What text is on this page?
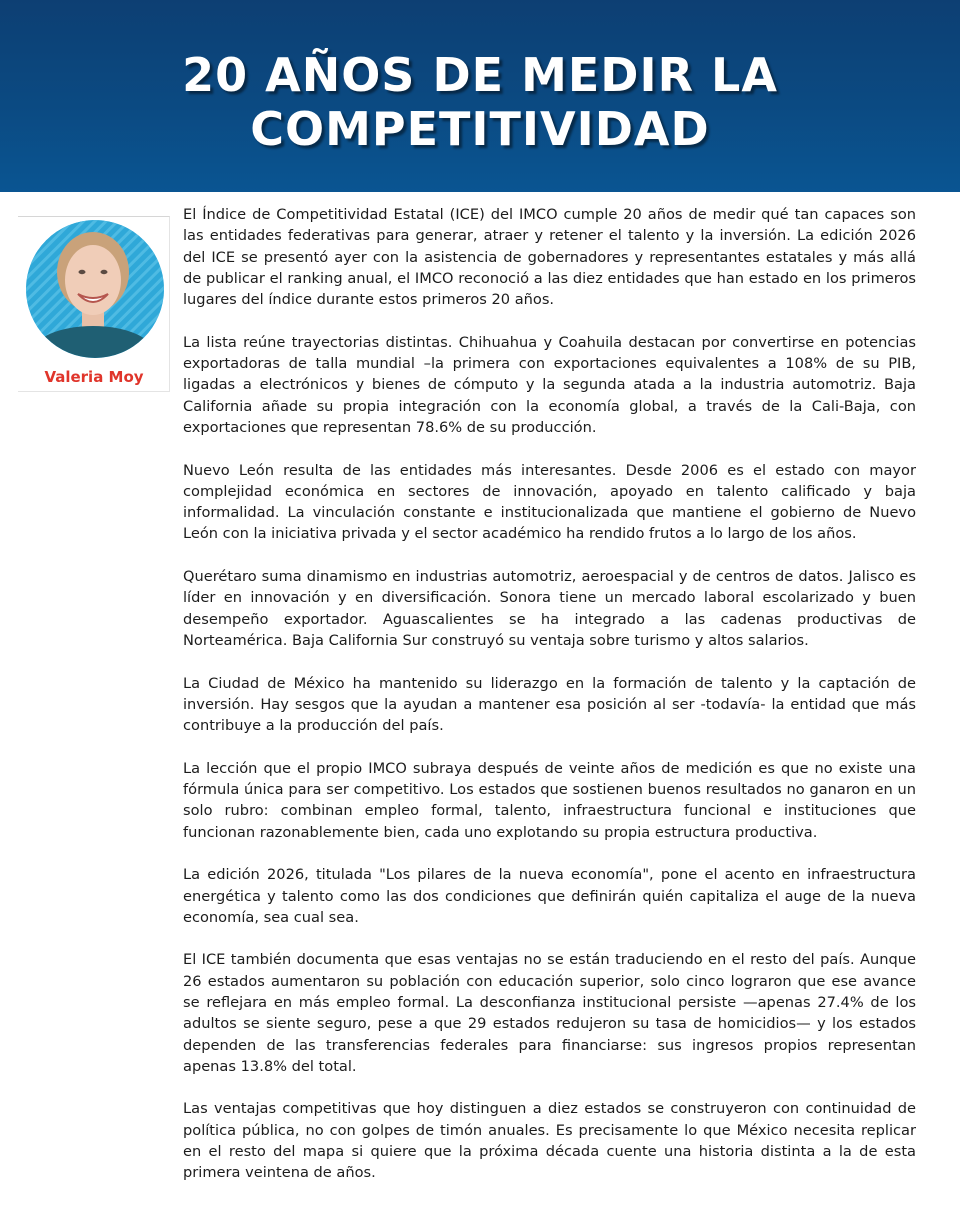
20 AÑOS DE MEDIR LA COMPETITIVIDAD
Valeria Moy

El Índice de Competitividad Estatal (ICE) del IMCO cumple 20 años de medir qué tan capaces son las entidades federativas para generar, atraer y retener el talento y la inversión. La edición 2026 del ICE se presentó ayer con la asistencia de gobernadores y representantes estatales y más allá de publicar el ranking anual, el IMCO reconoció a las diez entidades que han estado en los primeros lugares del índice durante estos primeros 20 años.

La lista reúne trayectorias distintas. Chihuahua y Coahuila destacan por convertirse en potencias exportadoras de talla mundial –la primera con exportaciones equivalentes a 108% de su PIB, ligadas a electrónicos y bienes de cómputo y la segunda atada a la industria automotriz. Baja California añade su propia integración con la economía global, a través de la Cali-Baja, con exportaciones que representan 78.6% de su producción.

Nuevo León resulta de las entidades más interesantes. Desde 2006 es el estado con mayor complejidad económica en sectores de innovación, apoyado en talento calificado y baja informalidad. La vinculación constante e institucionalizada que mantiene el gobierno de Nuevo León con la iniciativa privada y el sector académico ha rendido frutos a lo largo de los años.

Querétaro suma dinamismo en industrias automotriz, aeroespacial y de centros de datos. Jalisco es líder en innovación y en diversificación. Sonora tiene un mercado laboral escolarizado y buen desempeño exportador. Aguascalientes se ha integrado a las cadenas productivas de Norteamérica. Baja California Sur construyó su ventaja sobre turismo y altos salarios.

La Ciudad de México ha mantenido su liderazgo en la formación de talento y la captación de inversión. Hay sesgos que la ayudan a mantener esa posición al ser -todavía- la entidad que más contribuye a la producción del país.

La lección que el propio IMCO subraya después de veinte años de medición es que no existe una fórmula única para ser competitivo. Los estados que sostienen buenos resultados no ganaron en un solo rubro: combinan empleo formal, talento, infraestructura funcional e instituciones que funcionan razonablemente bien, cada uno explotando su propia estructura productiva.

La edición 2026, titulada "Los pilares de la nueva economía", pone el acento en infraestructura energética y talento como las dos condiciones que definirán quién capitaliza el auge de la nueva economía, sea cual sea.

El ICE también documenta que esas ventajas no se están traduciendo en el resto del país. Aunque 26 estados aumentaron su población con educación superior, solo cinco lograron que ese avance se reflejara en más empleo formal. La desconfianza institucional persiste —apenas 27.4% de los adultos se siente seguro, pese a que 29 estados redujeron su tasa de homicidios— y los estados dependen de las transferencias federales para financiarse: sus ingresos propios representan apenas 13.8% del total.

Las ventajas competitivas que hoy distinguen a diez estados se construyeron con continuidad de política pública, no con golpes de timón anuales. Es precisamente lo que México necesita replicar en el resto del mapa si quiere que la próxima década cuente una historia distinta a la de esta primera veintena de años.
